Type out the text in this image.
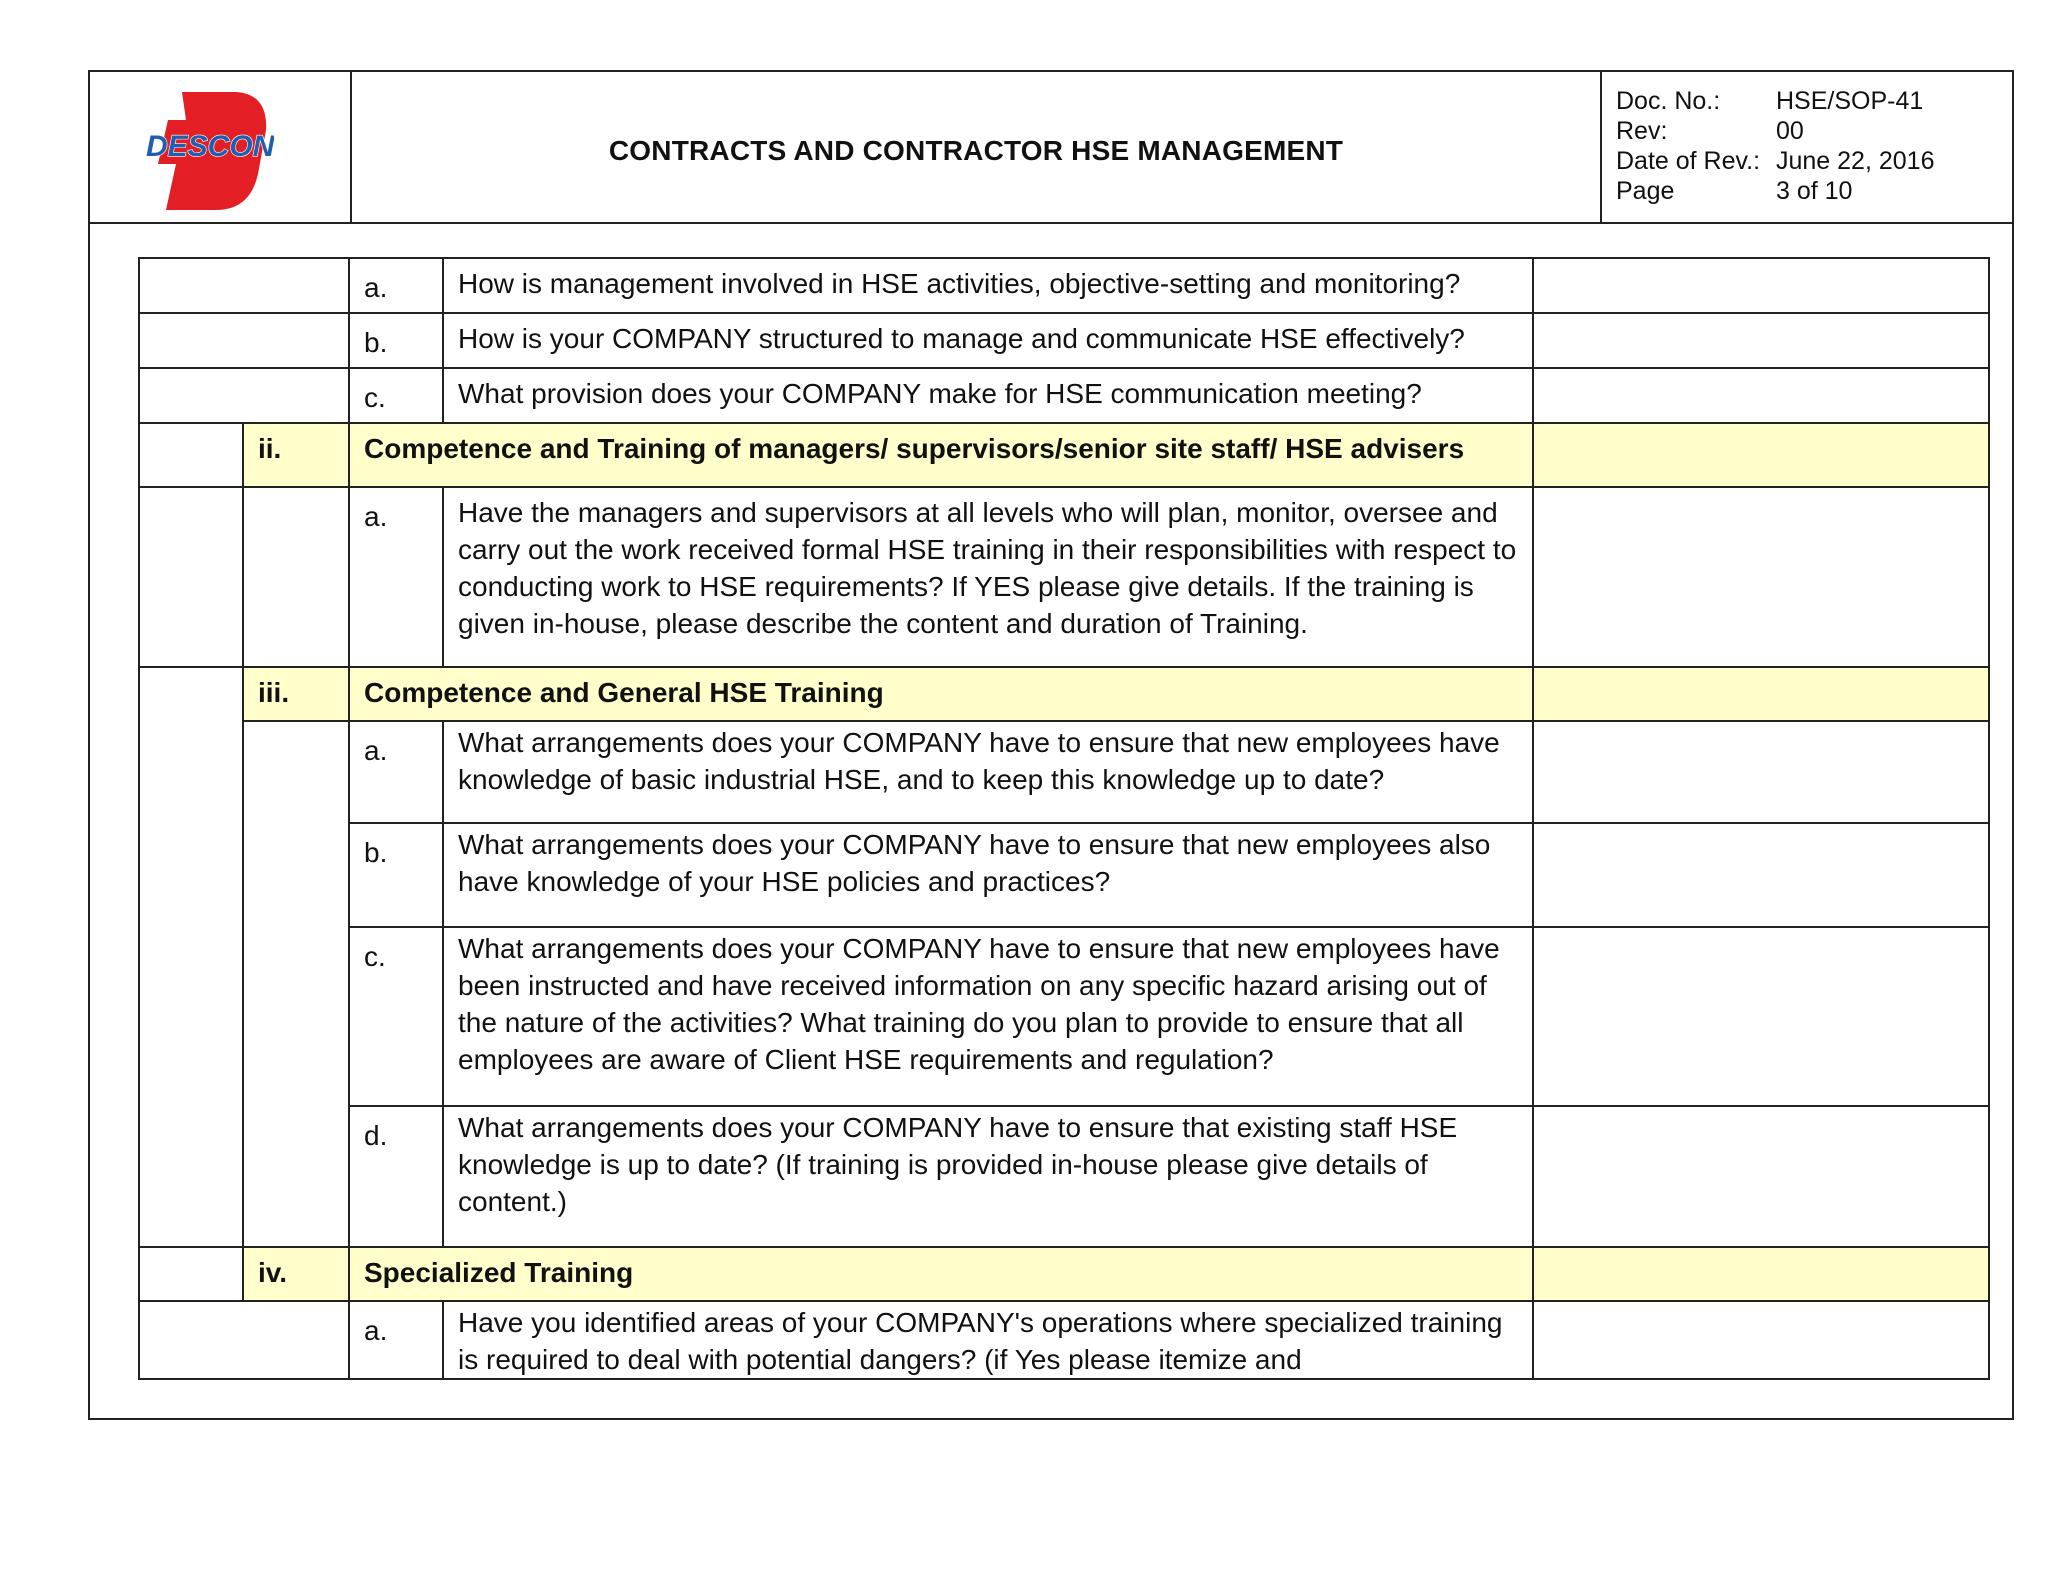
DESCON	CONTRACTS AND CONTRACTOR HSE MANAGEMENT
Doc. No.:	HSE/SOP-41
Rev:	00
Date of Rev.: June 22, 2016
Page	3 of 10
		a.	How is management involved in HSE activities, objective-setting and monitoring?	
		b.	How is your COMPANY structured to manage and communicate HSE effectively?	
		c.	What provision does your COMPANY make for HSE communication meeting?	
	ii.	Competence and Training of managers/ supervisors/senior site staff/ HSE advisers		
		a.	Have the managers and supervisors at all levels who will plan, monitor, oversee and carry out the work received formal HSE training in their responsibilities with respect to conducting work to HSE requirements? If YES please give details. If the training is given in-house, please describe the content and duration of Training.	
	iii.	Competence and General HSE Training		
		a.	What arrangements does your COMPANY have to ensure that new employees have knowledge of basic industrial HSE, and to keep this knowledge up to date?	
		b.	What arrangements does your COMPANY have to ensure that new employees also have knowledge of your HSE policies and practices?	
		c.	What arrangements does your COMPANY have to ensure that new employees have been instructed and have received information on any specific hazard arising out of the nature of the activities? What training do you plan to provide to ensure that all employees are aware of Client HSE requirements and regulation?	
		d.	What arrangements does your COMPANY have to ensure that existing staff HSE knowledge is up to date? (If training is provided in-house please give details of content.)	
	iv.	Specialized Training		
		a.	Have you identified areas of your COMPANY's operations where specialized training is required to deal with potential dangers? (if Yes please itemize and	
